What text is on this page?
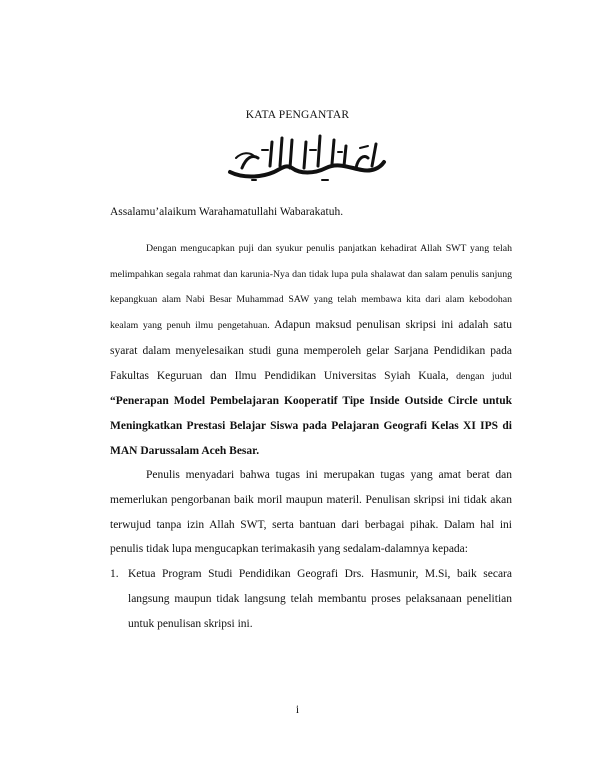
KATA PENGANTAR
Assalamu’alaikum Warahamatullahi Wabarakatuh.

Dengan mengucapkan puji dan syukur penulis panjatkan kehadirat Allah SWT yang telah melimpahkan segala rahmat dan karunia-Nya dan tidak lupa pula shalawat dan salam penulis sanjung kepangkuan alam Nabi Besar Muhammad SAW yang telah membawa kita dari alam kebodohan kealam yang penuh ilmu pengetahuan. Adapun maksud penulisan skripsi ini adalah satu syarat dalam menyelesaikan studi guna memperoleh gelar Sarjana Pendidikan pada Fakultas Keguruan dan Ilmu Pendidikan Universitas Syiah Kuala, dengan judul “Penerapan Model Pembelajaran Kooperatif Tipe Inside Outside Circle untuk Meningkatkan Prestasi Belajar Siswa pada Pelajaran Geografi Kelas XI IPS di MAN Darussalam Aceh Besar.

Penulis menyadari bahwa tugas ini merupakan tugas yang amat berat dan memerlukan pengorbanan baik moril maupun materil. Penulisan skripsi ini tidak akan terwujud tanpa izin Allah SWT, serta bantuan dari berbagai pihak. Dalam hal ini penulis tidak lupa mengucapkan terimakasih yang sedalam-dalamnya kepada:

1. Ketua Program Studi Pendidikan Geografi Drs. Hasmunir, M.Si, baik secara langsung maupun tidak langsung telah membantu proses pelaksanaan penelitian untuk penulisan skripsi ini.
i
